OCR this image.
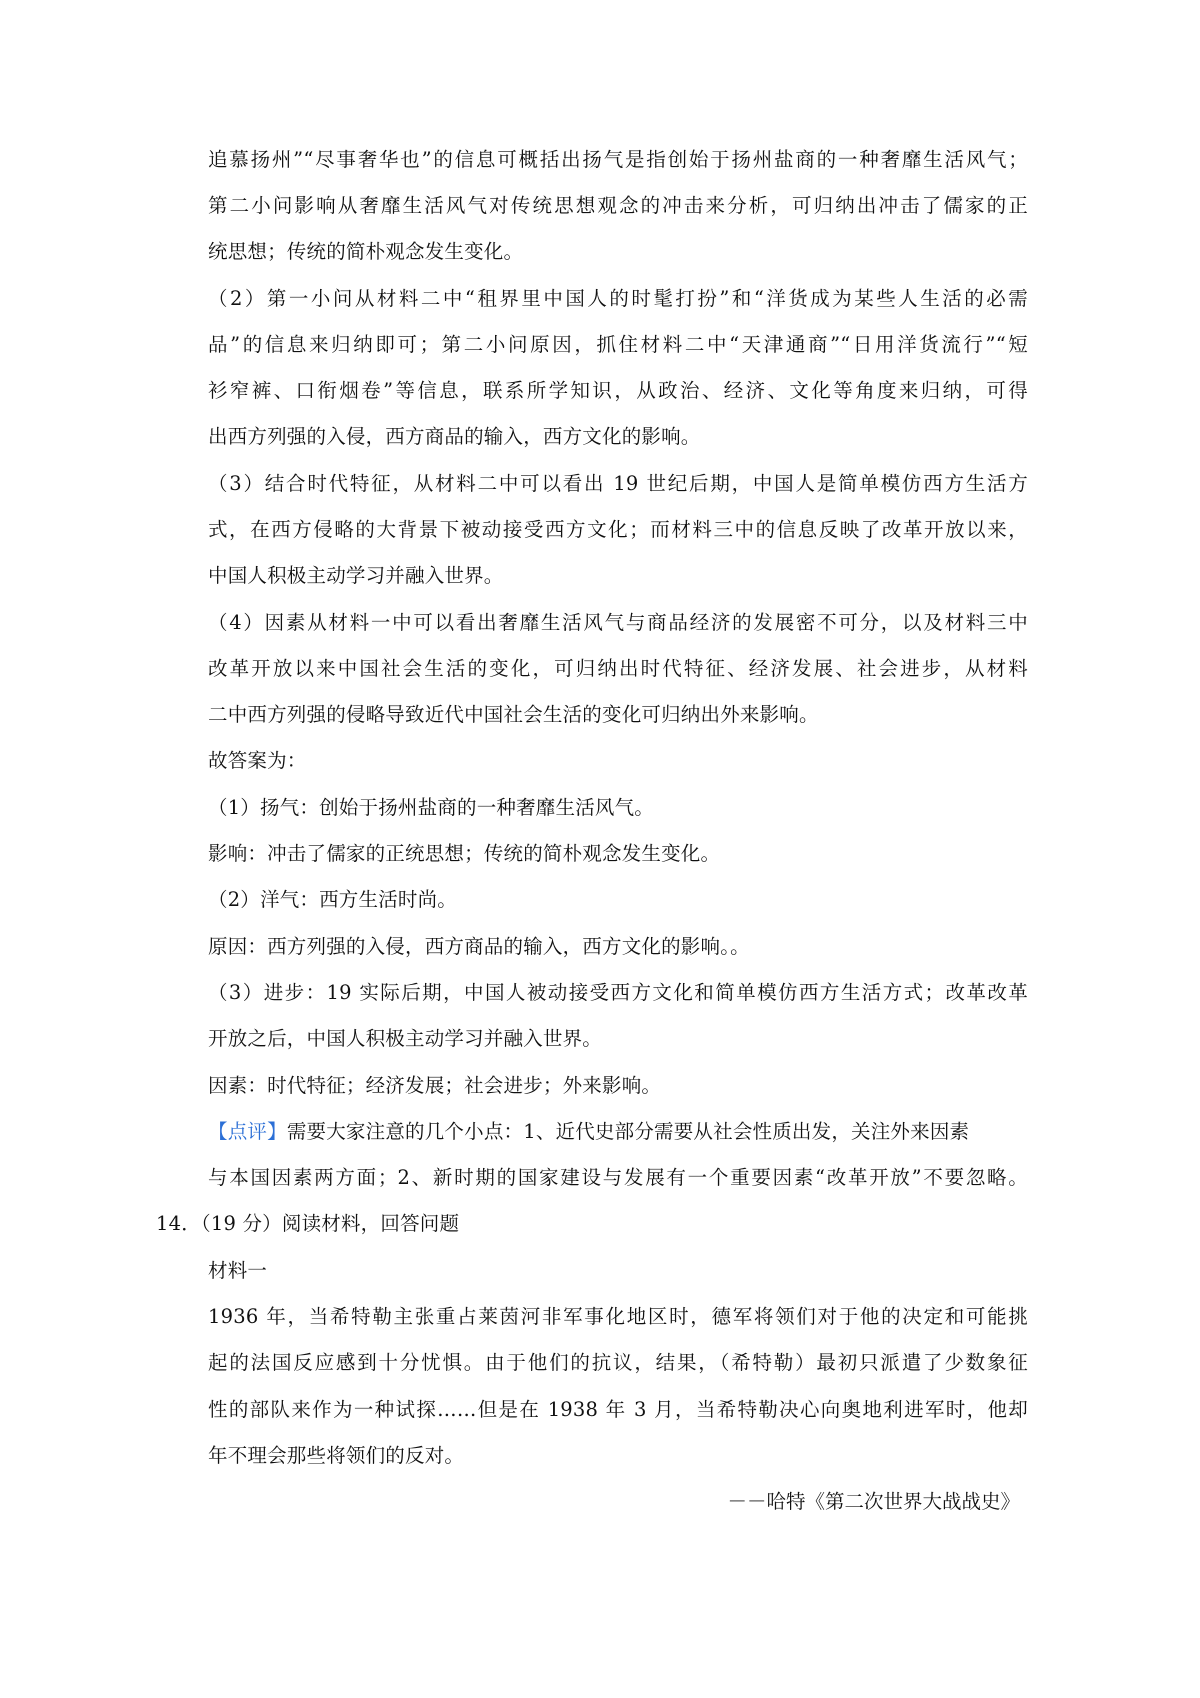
追慕扬州”“尽事奢华也”的信息可概括出扬气是指创始于扬州盐商的一种奢靡生活风气；
第二小问影响从奢靡生活风气对传统思想观念的冲击来分析，可归纳出冲击了儒家的正
统思想；传统的简朴观念发生变化。
（2）第一小问从材料二中“租界里中国人的时髦打扮”和“洋货成为某些人生活的必需
品”的信息来归纳即可；第二小问原因，抓住材料二中“天津通商”“日用洋货流行”“短
衫窄裤、口衔烟卷”等信息，联系所学知识，从政治、经济、文化等角度来归纳，可得
出西方列强的入侵，西方商品的输入，西方文化的影响。
（3）结合时代特征，从材料二中可以看出 19 世纪后期，中国人是简单模仿西方生活方
式，在西方侵略的大背景下被动接受西方文化；而材料三中的信息反映了改革开放以来，
中国人积极主动学习并融入世界。
（4）因素从材料一中可以看出奢靡生活风气与商品经济的发展密不可分，以及材料三中
改革开放以来中国社会生活的变化，可归纳出时代特征、经济发展、社会进步，从材料
二中西方列强的侵略导致近代中国社会生活的变化可归纳出外来影响。
故答案为：
（1）扬气：创始于扬州盐商的一种奢靡生活风气。
影响：冲击了儒家的正统思想；传统的简朴观念发生变化。
（2）洋气：西方生活时尚。
原因：西方列强的入侵，西方商品的输入，西方文化的影响。。
（3）进步：19 实际后期，中国人被动接受西方文化和简单模仿西方生活方式；改革改革
开放之后，中国人积极主动学习并融入世界。
因素：时代特征；经济发展；社会进步；外来影响。
【点评】需要大家注意的几个小点：1、近代史部分需要从社会性质出发，关注外来因素
与本国因素两方面；2、新时期的国家建设与发展有一个重要因素“改革开放”不要忽略。
14．（19 分）阅读材料，回答问题
材料一
1936 年，当希特勒主张重占莱茵河非军事化地区时，德军将领们对于他的决定和可能挑
起的法国反应感到十分忧惧。由于他们的抗议，结果，（希特勒）最初只派遣了少数象征
性的部队来作为一种试探……但是在 1938 年 3 月，当希特勒决心向奥地利进军时，他却
年不理会那些将领们的反对。
－－哈特《第二次世界大战战史》
